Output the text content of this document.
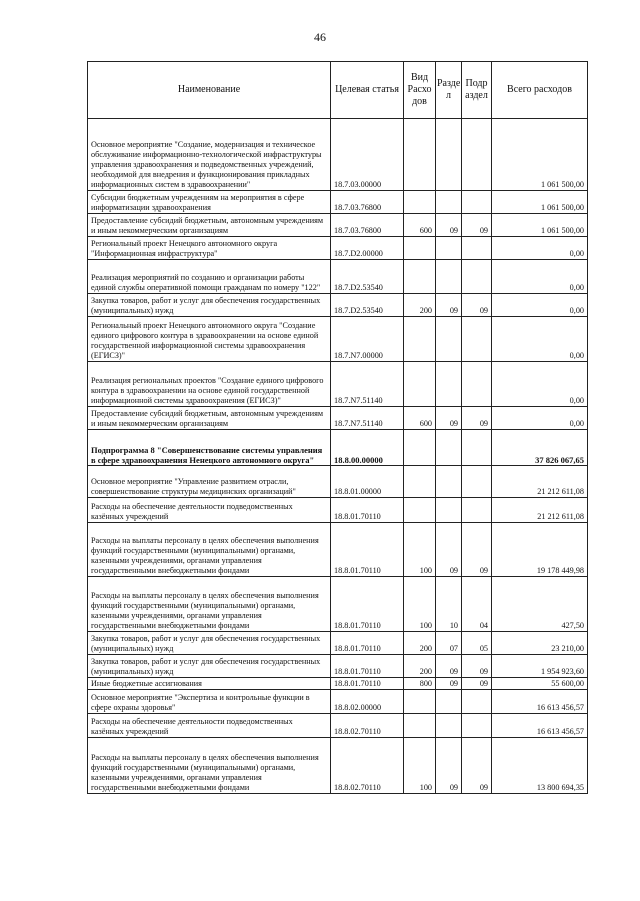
46
Наименование	Целевая статья	Вид Расхо дов	Разде л	Подр аздел	Всего расходов
Основное мероприятие "Создание, модернизация и техническое обслуживание информационно-технологической инфраструктуры управления здравоохранения и подведомственных учреждений, необходимой для внедрения и функционирования прикладных информационных систем в здравоохранении"	18.7.03.00000				1 061 500,00
Субсидии бюджетным учреждениям на мероприятия в сфере информатизации здравоохранения	18.7.03.76800				1 061 500,00
Предоставление субсидий бюджетным, автономным учреждениям и иным некоммерческим организациям	18.7.03.76800	600	09	09	1 061 500,00
Региональный проект Ненецкого автономного округа "Информационная инфраструктура"	18.7.D2.00000				0,00
Реализация мероприятий по созданию и организации работы единой службы оперативной помощи гражданам по номеру "122"	18.7.D2.53540				0,00
Закупка товаров, работ и услуг для обеспечения государственных (муниципальных) нужд	18.7.D2.53540	200	09	09	0,00
Региональный проект Ненецкого автономного округа "Создание единого цифрового контура в здравоохранении на основе единой государственной информационной системы здравоохранения (ЕГИСЗ)"	18.7.N7.00000				0,00
Реализация региональных проектов "Создание единого цифрового контура в здравоохранении на основе единой государственной информационной системы здравоохранения (ЕГИСЗ)"	18.7.N7.51140				0,00
Предоставление субсидий бюджетным, автономным учреждениям и иным некоммерческим организациям	18.7.N7.51140	600	09	09	0,00
Подпрограмма 8 "Совершенствование системы управления в сфере здравоохранения Ненецкого автономного округа"	18.8.00.00000				37 826 067,65
Основное мероприятие "Управление развитием отрасли, совершенствование структуры медицинских организаций"	18.8.01.00000				21 212 611,08
Расходы на обеспечение деятельности подведомственных казённых учреждений	18.8.01.70110				21 212 611,08
Расходы на выплаты персоналу в целях обеспечения выполнения функций государственными (муниципальными) органами, казенными учреждениями, органами управления государственными внебюджетными фондами	18.8.01.70110	100	09	09	19 178 449,98
Расходы на выплаты персоналу в целях обеспечения выполнения функций государственными (муниципальными) органами, казенными учреждениями, органами управления государственными внебюджетными фондами	18.8.01.70110	100	10	04	427,50
Закупка товаров, работ и услуг для обеспечения государственных (муниципальных) нужд	18.8.01.70110	200	07	05	23 210,00
Закупка товаров, работ и услуг для обеспечения государственных (муниципальных) нужд	18.8.01.70110	200	09	09	1 954 923,60
Иные бюджетные ассигнования	18.8.01.70110	800	09	09	55 600,00
Основное мероприятие "Экспертиза и контрольные функции в сфере охраны здоровья"	18.8.02.00000				16 613 456,57
Расходы на обеспечение деятельности подведомственных казённых учреждений	18.8.02.70110				16 613 456,57
Расходы на выплаты персоналу в целях обеспечения выполнения функций государственными (муниципальными) органами, казенными учреждениями, органами управления государственными внебюджетными фондами	18.8.02.70110	100	09	09	13 800 694,35
